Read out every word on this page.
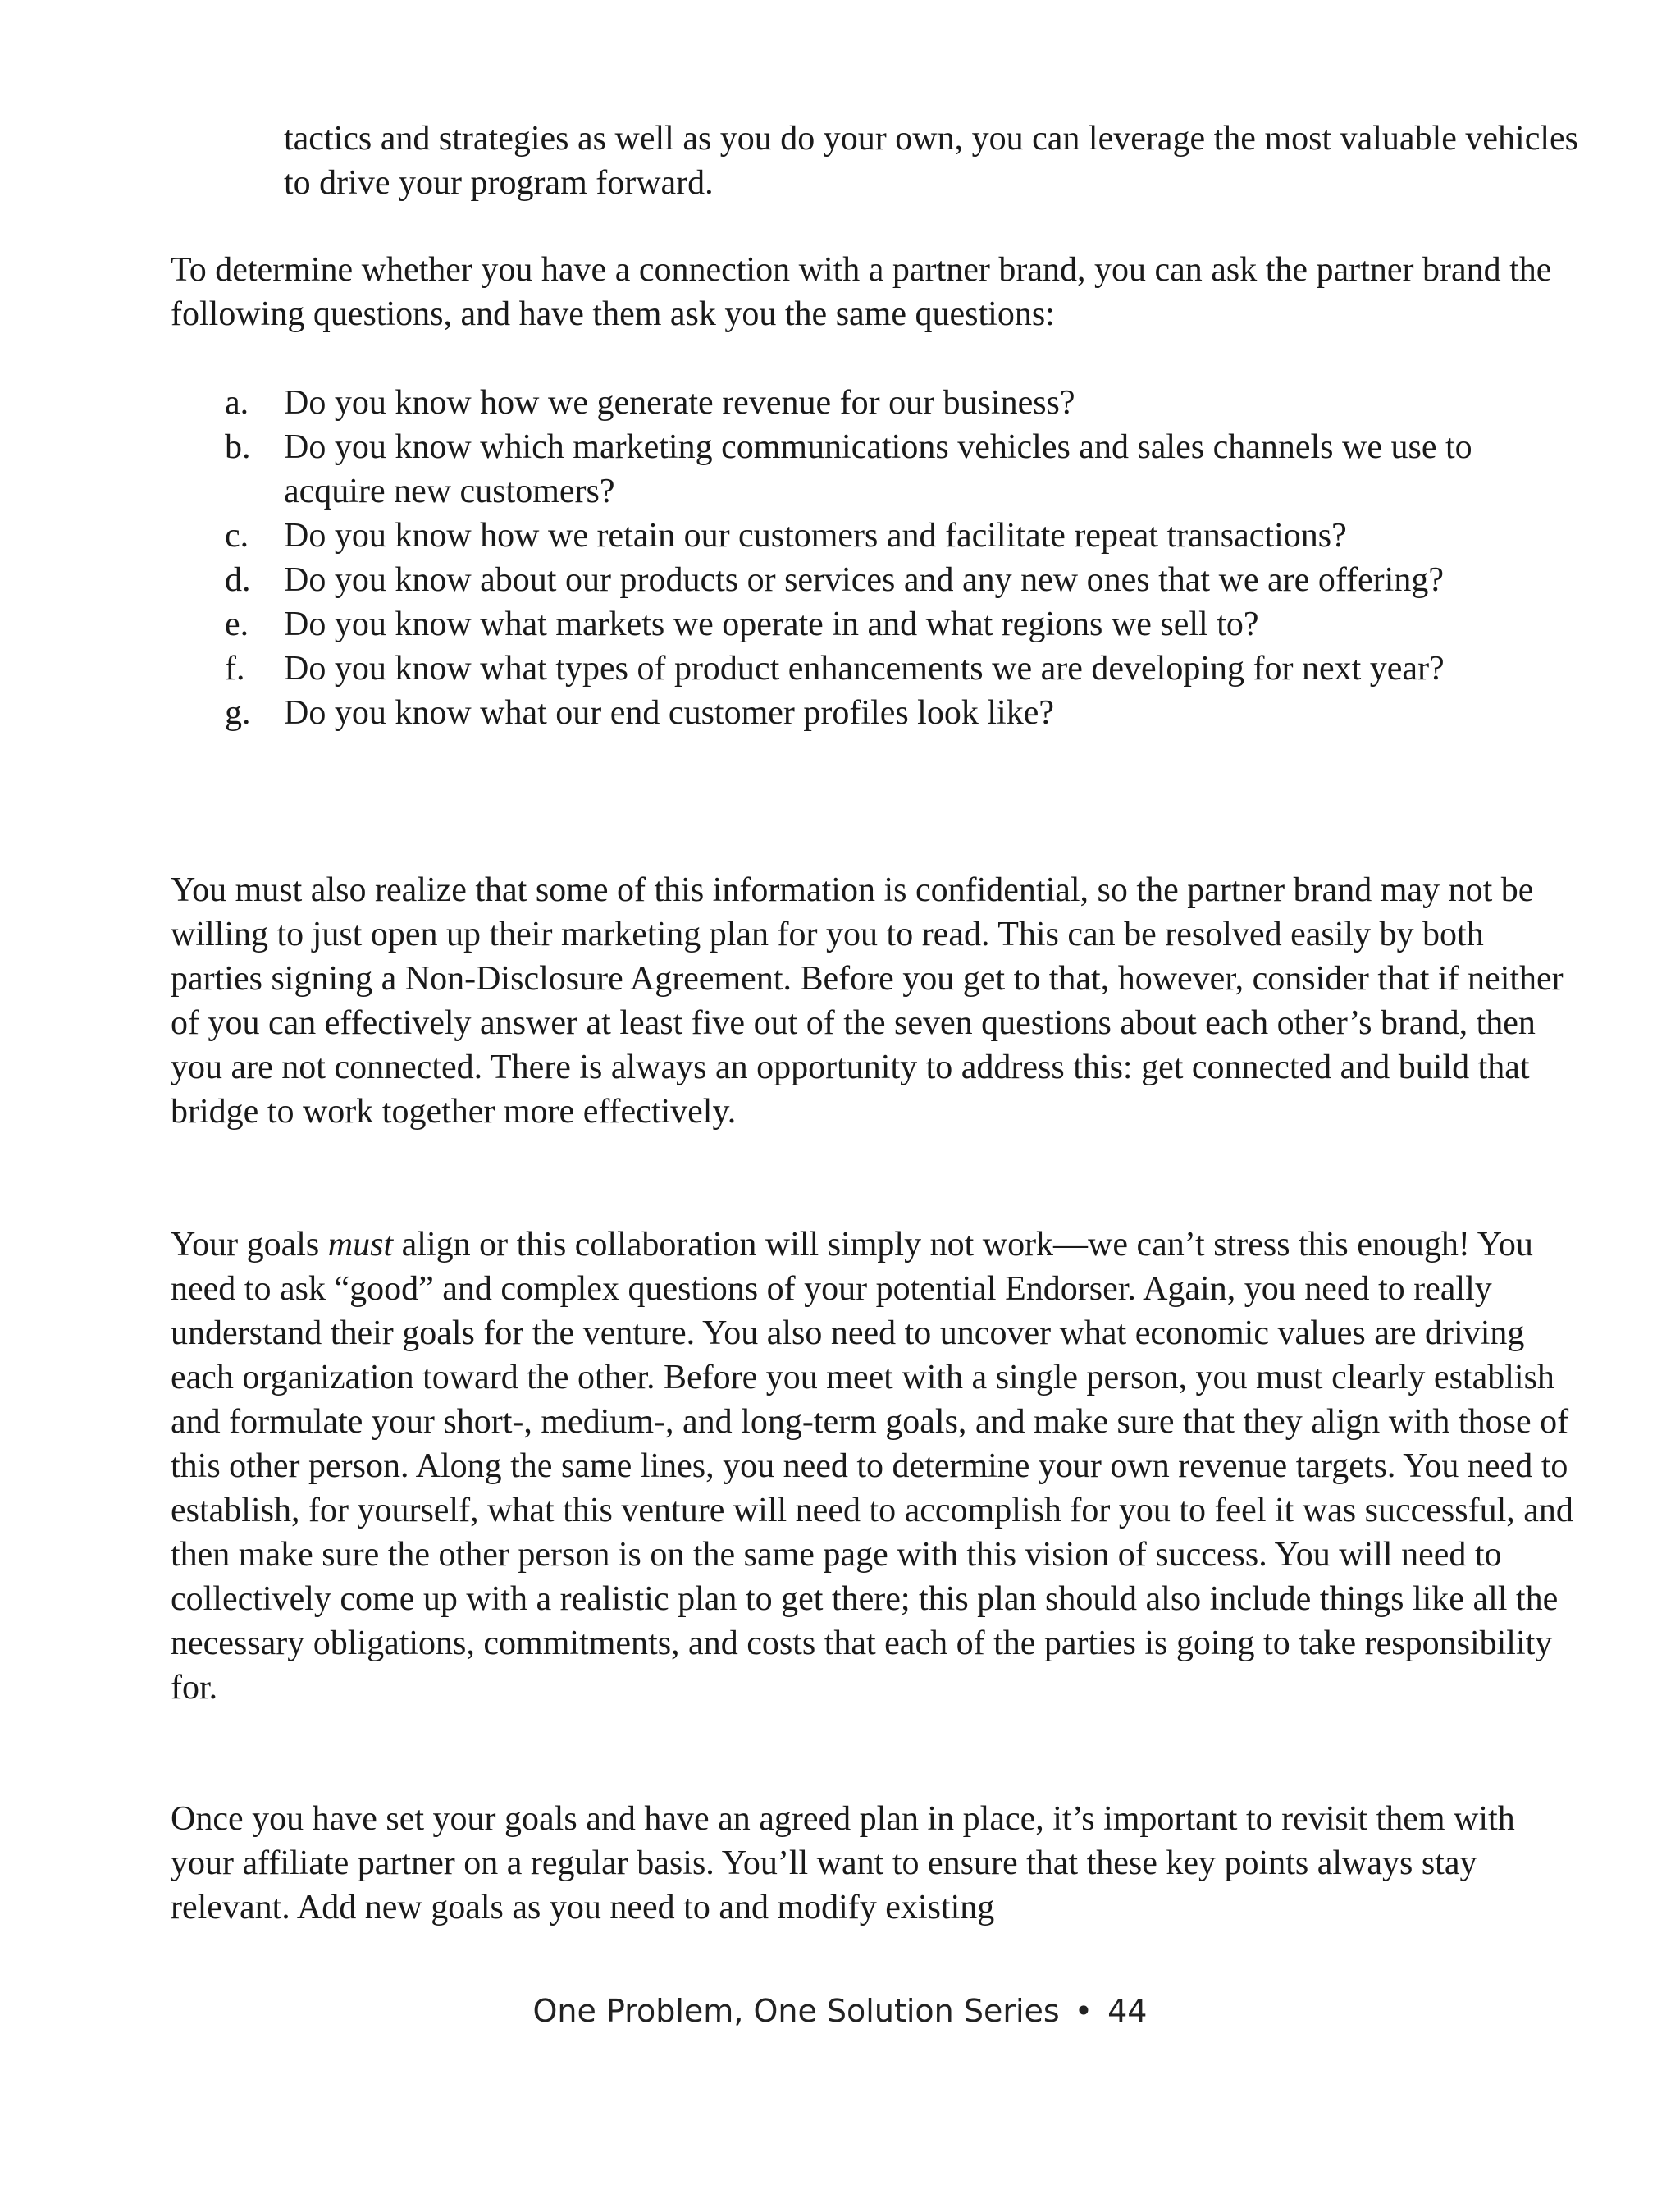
tactics and strategies as well as you do your own, you can leverage the most valuable vehicles to drive your program forward.

To determine whether you have a connection with a partner brand, you can ask the partner brand the following questions, and have them ask you the same questions:

a. Do you know how we generate revenue for our business?
b. Do you know which marketing communications vehicles and sales channels we use to acquire new customers?
c. Do you know how we retain our customers and facilitate repeat transactions?
d. Do you know about our products or services and any new ones that we are offering?
e. Do you know what markets we operate in and what regions we sell to?
f. Do you know what types of product enhancements we are developing for next year?
g. Do you know what our end customer profiles look like?

You must also realize that some of this information is confidential, so the partner brand may not be willing to just open up their marketing plan for you to read. This can be resolved easily by both parties signing a Non-Disclosure Agreement. Before you get to that, however, consider that if neither of you can effectively answer at least five out of the seven questions about each other’s brand, then you are not connected. There is always an opportunity to address this: get connected and build that bridge to work together more effectively.

Your goals must align or this collaboration will simply not work—we can’t stress this enough! You need to ask “good” and complex questions of your potential Endorser. Again, you need to really understand their goals for the venture. You also need to uncover what economic values are driving each organization toward the other. Before you meet with a single person, you must clearly establish and formulate your short-, medium-, and long-term goals, and make sure that they align with those of this other person. Along the same lines, you need to determine your own revenue targets. You need to establish, for yourself, what this venture will need to accomplish for you to feel it was successful, and then make sure the other person is on the same page with this vision of success. You will need to collectively come up with a realistic plan to get there; this plan should also include things like all the necessary obligations, commitments, and costs that each of the parties is going to take responsibility for.

Once you have set your goals and have an agreed plan in place, it’s important to revisit them with your affiliate partner on a regular basis. You’ll want to ensure that these key points always stay relevant. Add new goals as you need to and modify existing

One Problem, One Solution Series • 44
